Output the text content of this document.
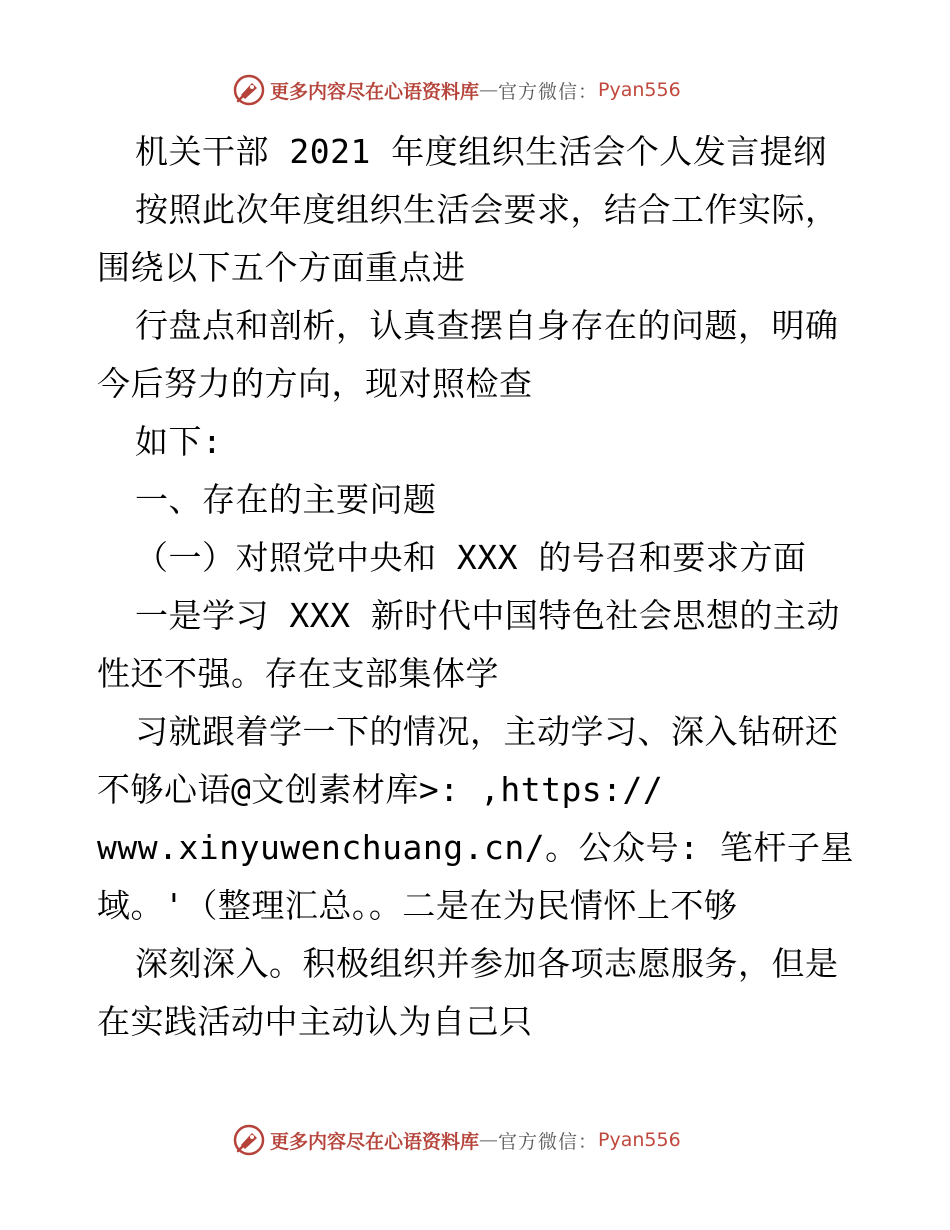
更多内容尽在心语资料库 — 官方微信： Pyan556
机关干部 2021 年度组织生活会个人发言提纲
按照此次年度组织生活会要求，结合工作实际，
围绕以下五个方面重点进
行盘点和剖析，认真查摆自身存在的问题，明确
今后努力的方向，现对照检查
如下:
一、存在的主要问题
（一）对照党中央和 XXX 的号召和要求方面
一是学习 XXX 新时代中国特色社会思想的主动
性还不强。存在支部集体学
习就跟着学一下的情况，主动学习、深入钻研还
不够心语@文创素材库>: ,https://
www.xinyuwenchuang.cn/。公众号: 笔杆子星
域。'（整理汇总。。二是在为民情怀上不够
深刻深入。积极组织并参加各项志愿服务，但是
在实践活动中主动认为自己只
更多内容尽在心语资料库 — 官方微信： Pyan556
